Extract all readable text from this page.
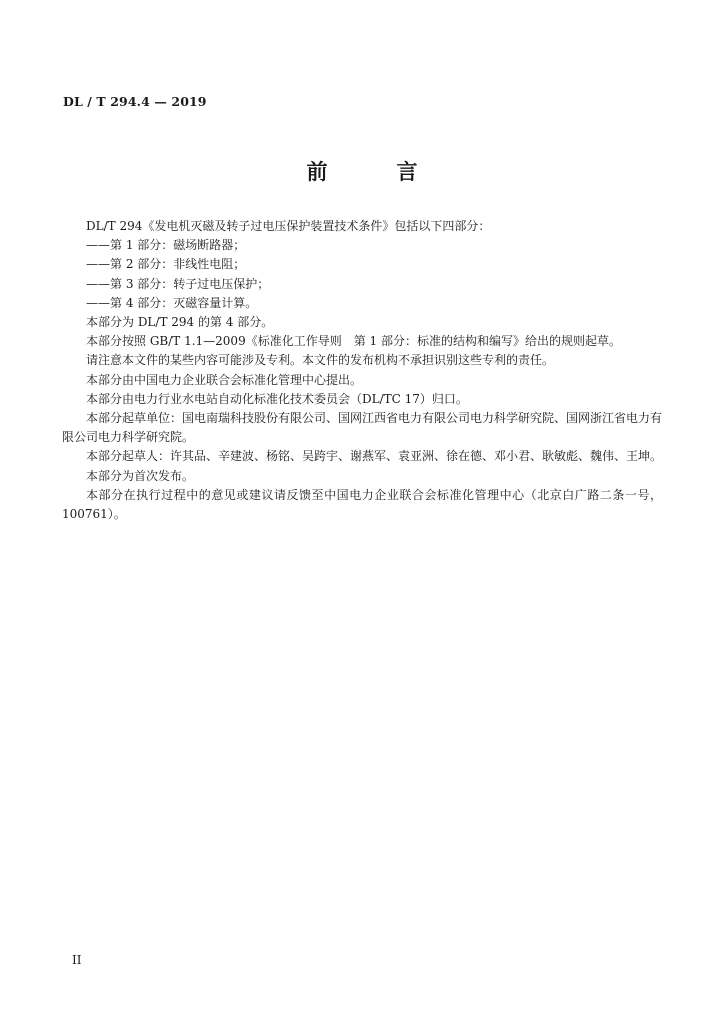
DL / T 294.4 — 2019
前　言

DL/T 294《发电机灭磁及转子过电压保护装置技术条件》包括以下四部分：

——第 1 部分：磁场断路器；

——第 2 部分：非线性电阻；

——第 3 部分：转子过电压保护；

——第 4 部分：灭磁容量计算。

本部分为 DL/T 294 的第 4 部分。

本部分按照 GB/T 1.1—2009《标准化工作导则　第 1 部分：标准的结构和编写》给出的规则起草。

请注意本文件的某些内容可能涉及专利。本文件的发布机构不承担识别这些专利的责任。

本部分由中国电力企业联合会标准化管理中心提出。

本部分由电力行业水电站自动化标准化技术委员会（DL/TC 17）归口。

本部分起草单位：国电南瑞科技股份有限公司、国网江西省电力有限公司电力科学研究院、国网浙江省电力有限公司电力科学研究院。

本部分起草人：许其品、辛建波、杨铭、吴跨宇、谢燕军、袁亚洲、徐在德、邓小君、耿敏彪、魏伟、王坤。

本部分为首次发布。

本部分在执行过程中的意见或建议请反馈至中国电力企业联合会标准化管理中心（北京白广路二条一号，100761）。

II
